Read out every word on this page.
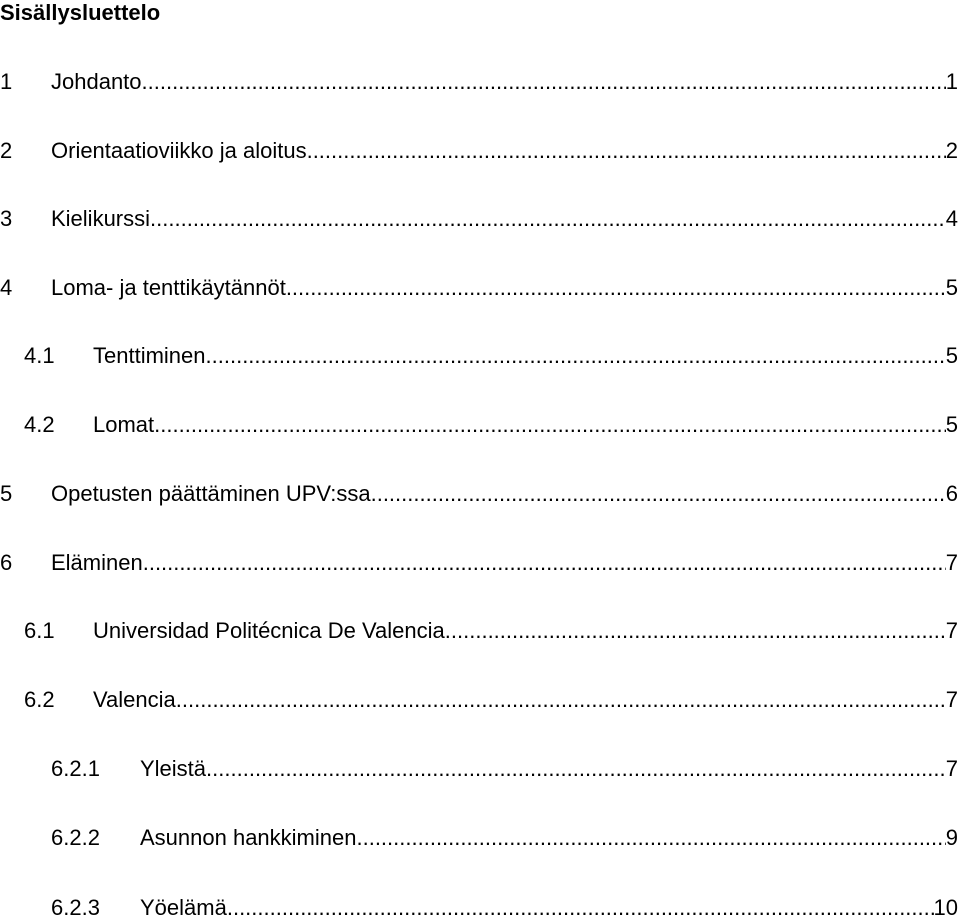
Sisällysluettelo
1	Johdanto .....	1
2	Orientaatioviikko ja aloitus .....	2
3	Kielikurssi .....	4
4	Loma- ja tenttikäytännöt .....	5
4.1	Tenttiminen .....	5
4.2	Lomat .....	5
5	Opetusten päättäminen UPV:ssa .....	6
6	Eläminen .....	7
6.1	Universidad Politécnica De Valencia .....	7
6.2	Valencia .....	7
6.2.1	Yleistä .....	7
6.2.2	Asunnon hankkiminen .....	9
6.2.3	Yöelämä .....	10
